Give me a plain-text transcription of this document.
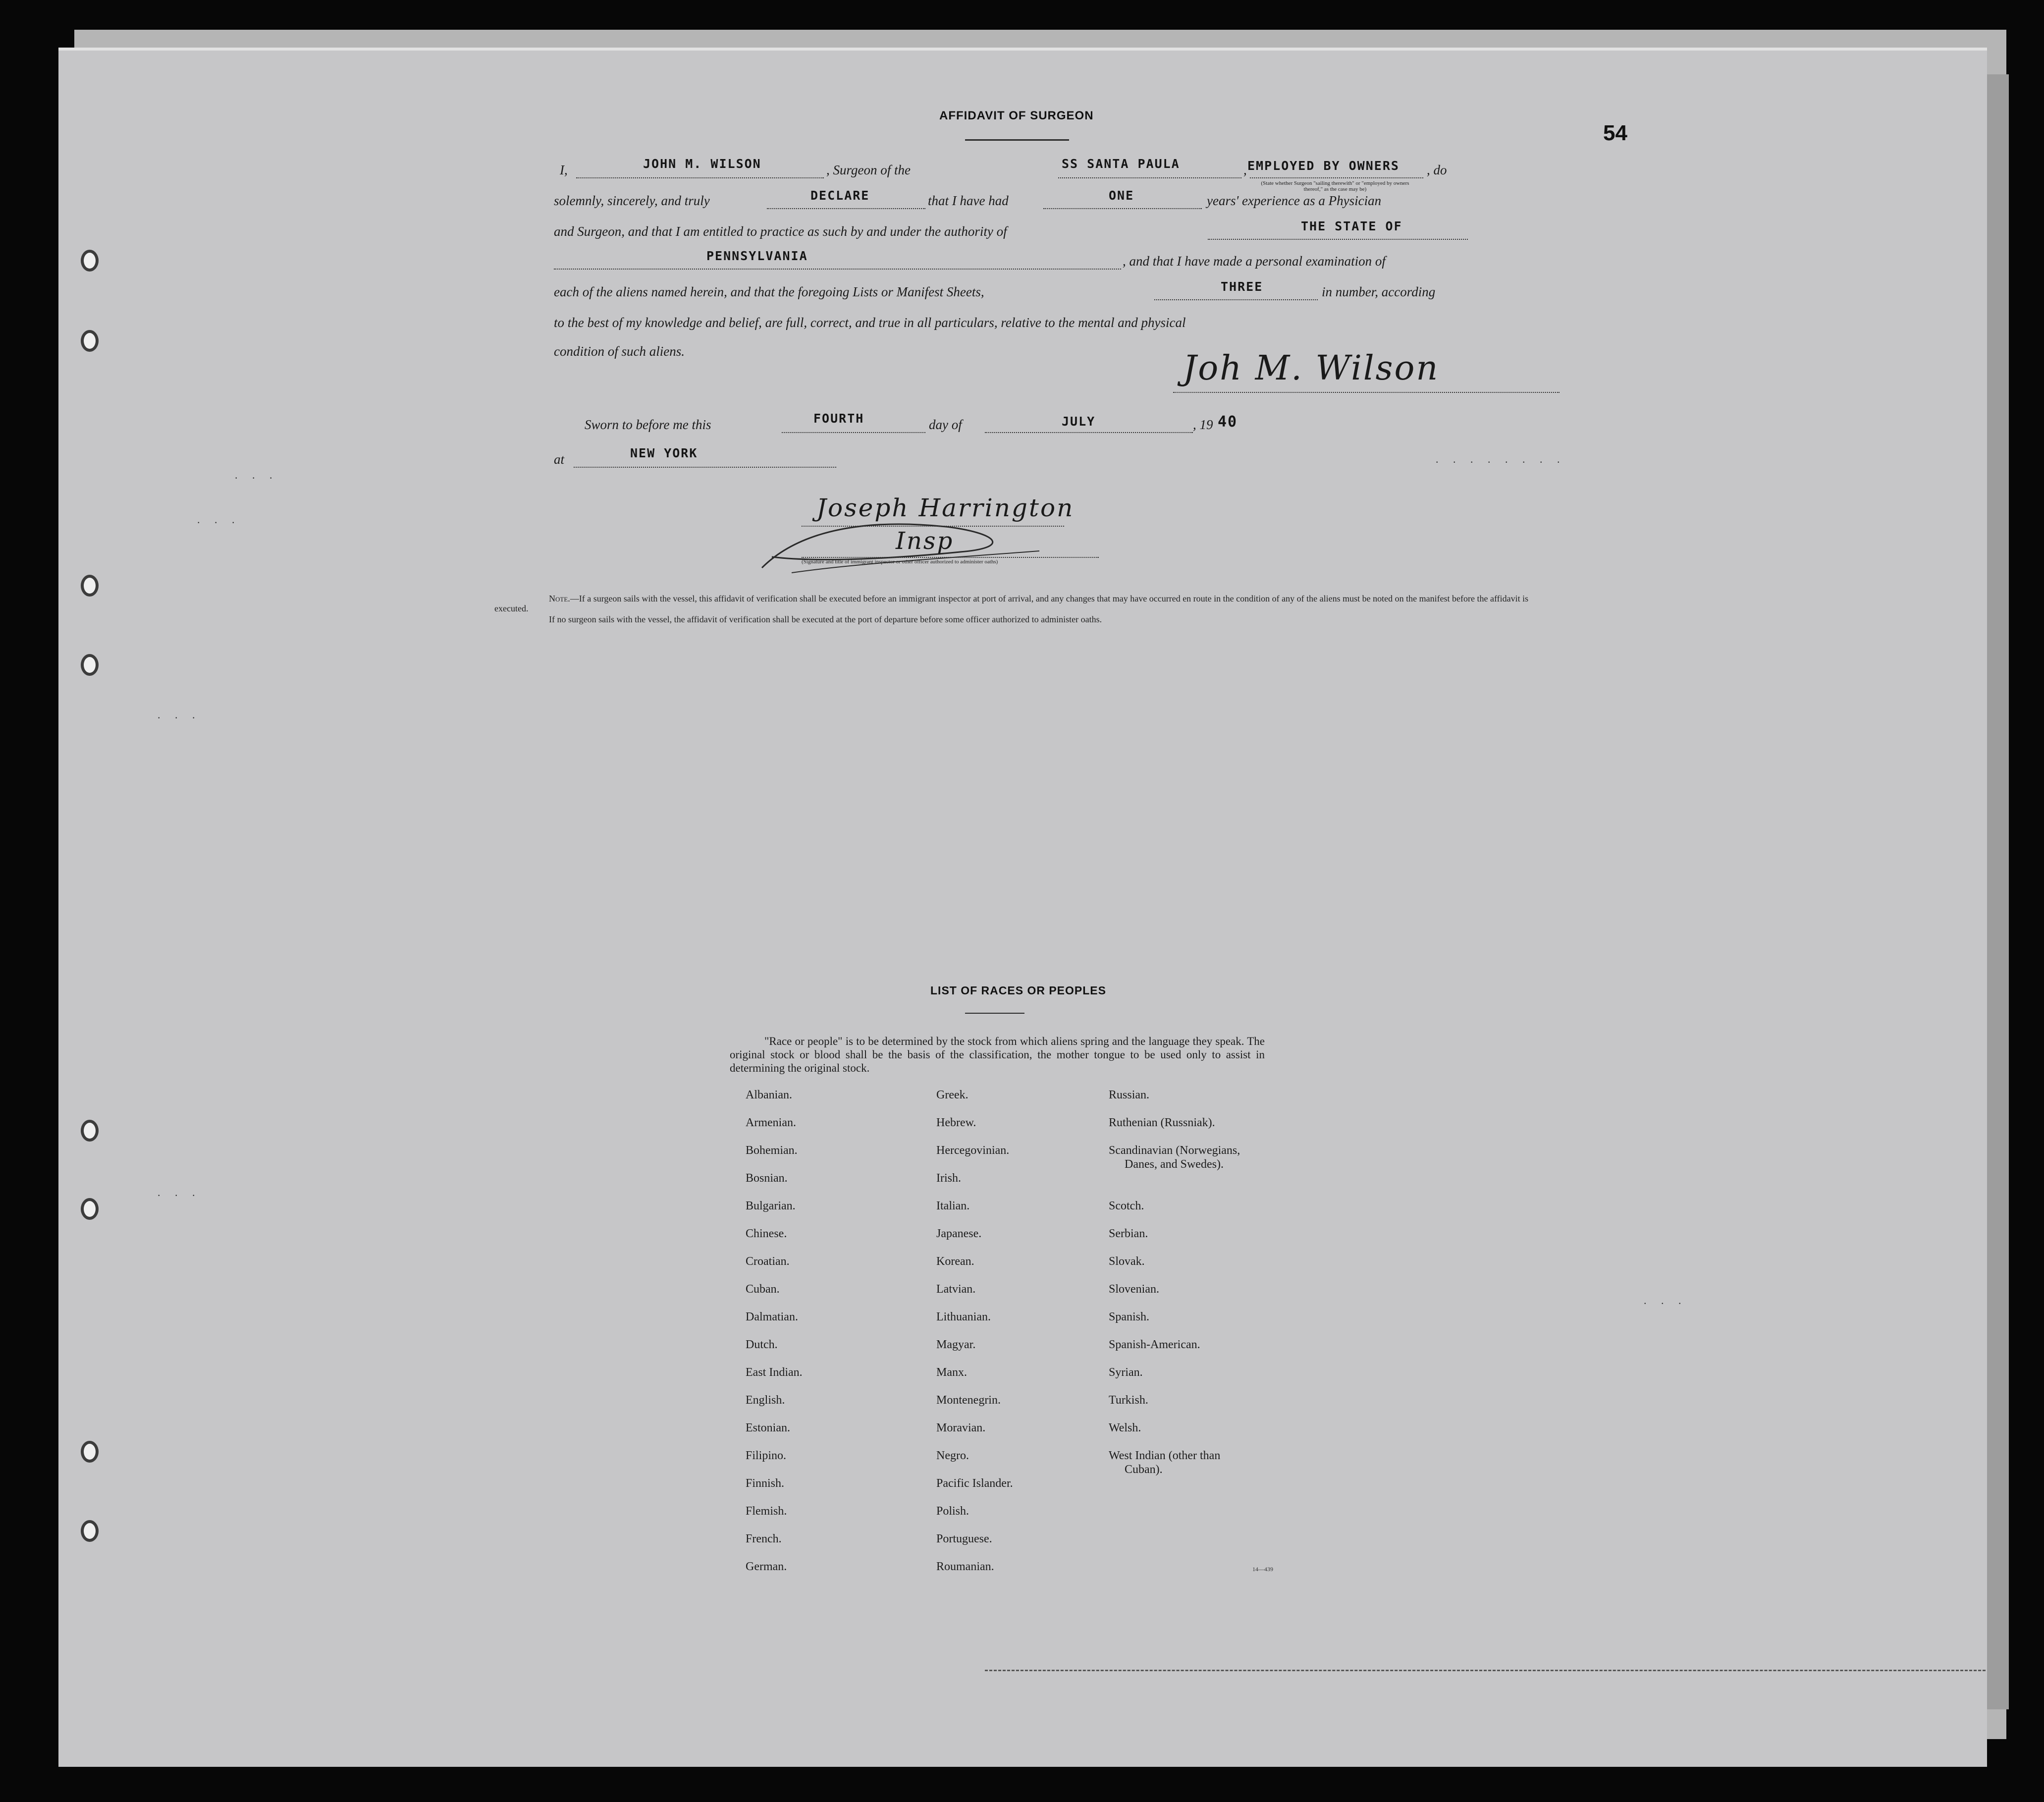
54
AFFIDAVIT OF SURGEON
I,	JOHN M. WILSON	, Surgeon of the	SS SANTA PAULA	, EMPLOYED BY OWNERS , do
(State whether Surgeon "sailing therewith" or "employed by owners thereof," as the case may be)
solemnly, sincerely, and truly	DECLARE	that I have had	ONE	years' experience as a Physician
and Surgeon, and that I am entitled to practice as such by and under the authority of	THE STATE OF
PENNSYLVANIA	, and that I have made a personal examination of
each of the aliens named herein, and that the foregoing Lists or Manifest Sheets,	THREE	in number, according
to the best of my knowledge and belief, are full, correct, and true in all particulars, relative to the mental and physical
condition of such aliens.	Joh M. Wilson
Sworn to before me this	FOURTH	day of	JULY	, 19 40
at	NEW YORK
Joseph Harrington
Insp
(Signature and title of immigrant inspector or other officer authorized to administer oaths)
Note.—If a surgeon sails with the vessel, this affidavit of verification shall be executed before an immigrant inspector at port of arrival, and any changes that may have occurred en route in the condition of any of the aliens must be noted on the manifest before the affidavit is executed.
If no surgeon sails with the vessel, the affidavit of verification shall be executed at the port of departure before some officer authorized to administer oaths.
. . .
. . .
. . .
. . .
. . . . . . . .
. . .
LIST OF RACES OR PEOPLES
"Race or people" is to be determined by the stock from which aliens spring and the language they speak. The original stock or blood shall be the basis of the classification, the mother tongue to be used only to assist in determining the original stock.
Albanian.
Armenian.
Bohemian.
Bosnian.
Bulgarian.
Chinese.
Croatian.
Cuban.
Dalmatian.
Dutch.
East Indian.
English.
Estonian.
Filipino.
Finnish.
Flemish.
French.
German.
Greek.
Hebrew.
Hercegovinian.
Irish.
Italian.
Japanese.
Korean.
Latvian.
Lithuanian.
Magyar.
Manx.
Montenegrin.
Moravian.
Negro.
Pacific Islander.
Polish.
Portuguese.
Roumanian.
Russian.
Ruthenian (Russniak).
Scandinavian (Norwegians,
Danes, and Swedes).
Scotch.
Serbian.
Slovak.
Slovenian.
Spanish.
Spanish-American.
Syrian.
Turkish.
Welsh.
West Indian (other than
Cuban).
14—439
